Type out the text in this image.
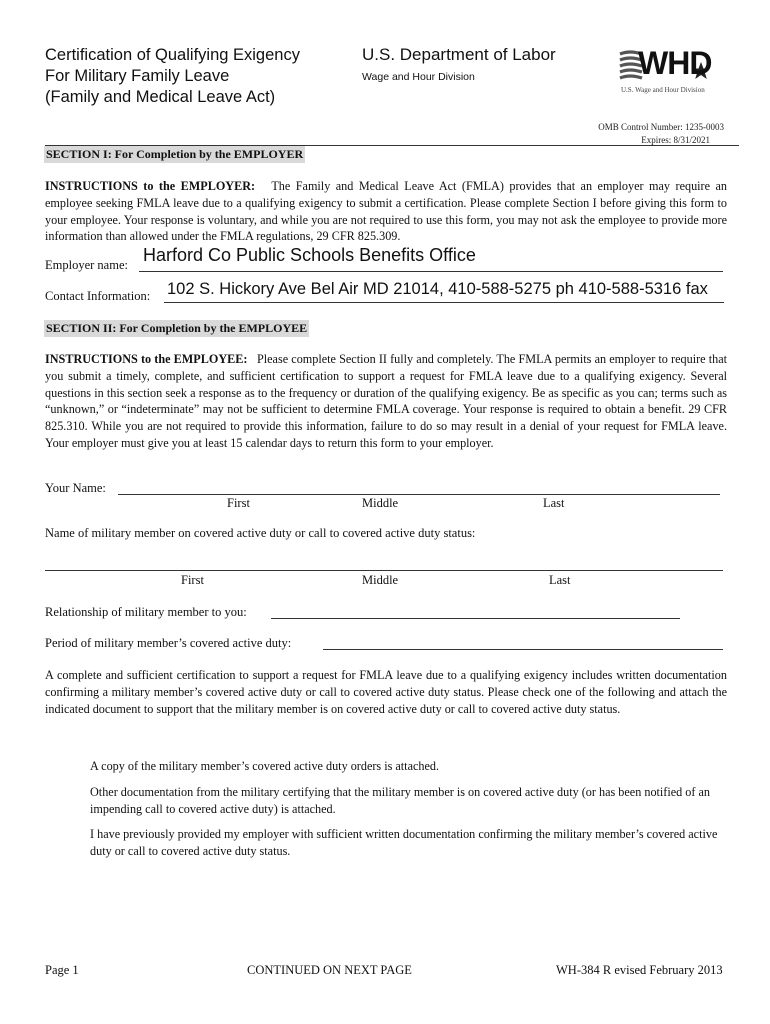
Certification of Qualifying Exigency
For Military Family Leave
(Family and Medical Leave Act)
U.S. Department of Labor
Wage and Hour Division	WHD
U.S. Wage and Hour Division
OMB Control Number: 1235-0003
Expires: 8/31/2021
SECTION I: For Completion by the EMPLOYER
INSTRUCTIONS to the EMPLOYER: The Family and Medical Leave Act (FMLA) provides that an employer may require an employee seeking FMLA leave due to a qualifying exigency to submit a certification. Please complete Section I before giving this form to your employee. Your response is voluntary, and while you are not required to use this form, you may not ask the employee to provide more information than allowed under the FMLA regulations, 29 CFR 825.309.
Employer name: Harford Co Public Schools Benefits Office
Contact Information: 102 S. Hickory Ave Bel Air MD 21014, 410-588-5275 ph 410-588-5316 fax
SECTION II: For Completion by the EMPLOYEE
INSTRUCTIONS to the EMPLOYEE: Please complete Section II fully and completely. The FMLA permits an employer to require that you submit a timely, complete, and sufficient certification to support a request for FMLA leave due to a qualifying exigency. Several questions in this section seek a response as to the frequency or duration of the qualifying exigency. Be as specific as you can; terms such as “unknown,” or “indeterminate” may not be sufficient to determine FMLA coverage. Your response is required to obtain a benefit. 29 CFR 825.310. While you are not required to provide this information, failure to do so may result in a denial of your request for FMLA leave. Your employer must give you at least 15 calendar days to return this form to your employer.
Your Name:
First	Middle	Last
Name of military member on covered active duty or call to covered active duty status:
First	Middle	Last
Relationship of military member to you:
Period of military member’s covered active duty:
A complete and sufficient certification to support a request for FMLA leave due to a qualifying exigency includes written documentation confirming a military member’s covered active duty or call to covered active duty status. Please check one of the following and attach the indicated document to support that the military member is on covered active duty or call to covered active duty status.
A copy of the military member’s covered active duty orders is attached.
Other documentation from the military certifying that the military member is on covered active duty (or has been notified of an impending call to covered active duty) is attached.
I have previously provided my employer with sufficient written documentation confirming the military member’s covered active duty or call to covered active duty status.
Page 1	CONTINUED ON NEXT PAGE	WH-384 R evised February 2013
